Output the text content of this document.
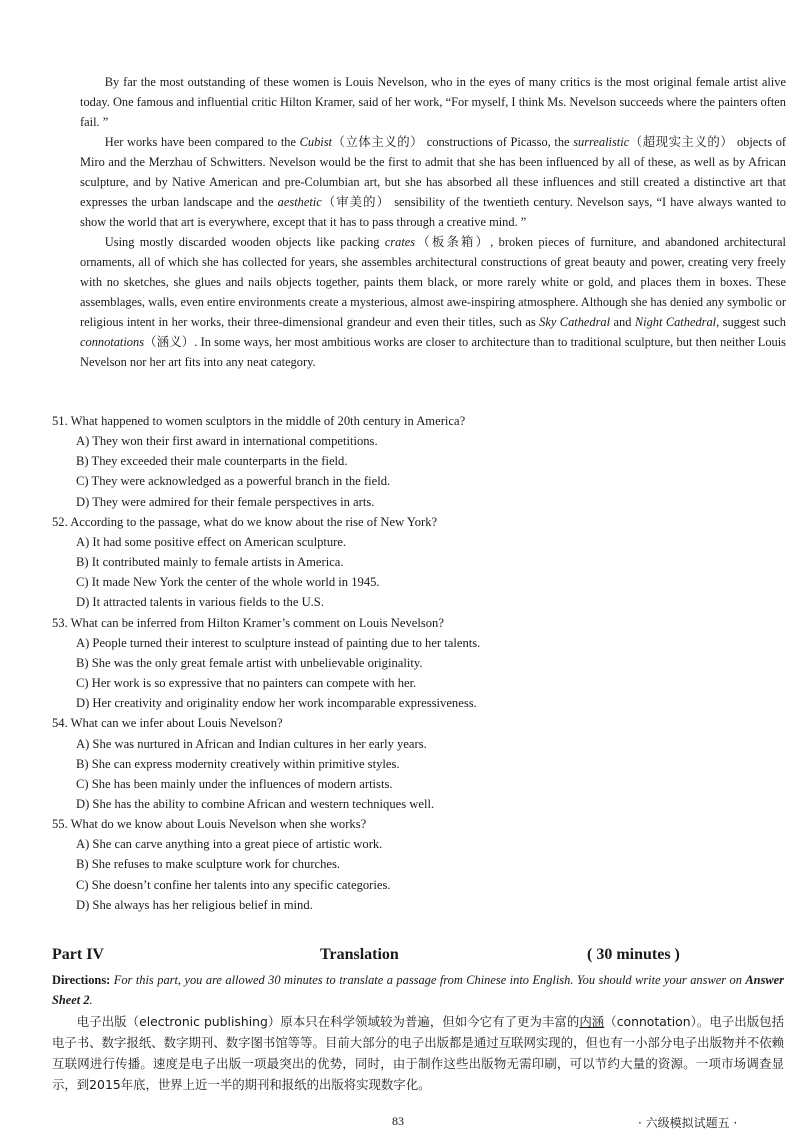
By far the most outstanding of these women is Louis Nevelson, who in the eyes of many critics is the most original female artist alive today. One famous and influential critic Hilton Kramer, said of her work, “For myself, I think Ms. Nevelson succeeds where the painters often fail. ”

Her works have been compared to the Cubist（立体主义的） constructions of Picasso, the surrealistic（超现实主义的） objects of Miro and the Merzhau of Schwitters. Nevelson would be the first to admit that she has been influenced by all of these, as well as by African sculpture, and by Native American and pre-Columbian art, but she has absorbed all these influences and still created a distinctive art that expresses the urban landscape and the aesthetic（审美的） sensibility of the twentieth century. Nevelson says, “I have always wanted to show the world that art is everywhere, except that it has to pass through a creative mind. ”

Using mostly discarded wooden objects like packing crates（板条箱）, broken pieces of furniture, and abandoned architectural ornaments, all of which she has collected for years, she assembles architectural constructions of great beauty and power, creating very freely with no sketches, she glues and nails objects together, paints them black, or more rarely white or gold, and places them in boxes. These assemblages, walls, even entire environments create a mysterious, almost awe-inspiring atmosphere. Although she has denied any symbolic or religious intent in her works, their three-dimensional grandeur and even their titles, such as Sky Cathedral and Night Cathedral, suggest such connotations（涵义）. In some ways, her most ambitious works are closer to architecture than to traditional sculpture, but then neither Louis Nevelson nor her art fits into any neat category.

51. What happened to women sculptors in the middle of 20th century in America?

A) They won their first award in international competitions.

B) They exceeded their male counterparts in the field.

C) They were acknowledged as a powerful branch in the field.

D) They were admired for their female perspectives in arts.

52. According to the passage, what do we know about the rise of New York?

A) It had some positive effect on American sculpture.

B) It contributed mainly to female artists in America.

C) It made New York the center of the whole world in 1945.

D) It attracted talents in various fields to the U.S.

53. What can be inferred from Hilton Kramer’s comment on Louis Nevelson?

A) People turned their interest to sculpture instead of painting due to her talents.

B) She was the only great female artist with unbelievable originality.

C) Her work is so expressive that no painters can compete with her.

D) Her creativity and originality endow her work incomparable expressiveness.

54. What can we infer about Louis Nevelson?

A) She was nurtured in African and Indian cultures in her early years.

B) She can express modernity creatively within primitive styles.

C) She has been mainly under the influences of modern artists.

D) She has the ability to combine African and western techniques well.

55. What do we know about Louis Nevelson when she works?

A) She can carve anything into a great piece of artistic work.

B) She refuses to make sculpture work for churches.

C) She doesn’t confine her talents into any specific categories.

D) She always has her religious belief in mind.

Part IV	Translation	( 30 minutes )

Directions: For this part, you are allowed 30 minutes to translate a passage from Chinese into English. You should write your answer on Answer Sheet 2.

电子出版（electronic publishing）原本只在科学领域较为普遍，但如今它有了更为丰富的内涵（connotation）。电子出版包括电子书、数字报纸、数字期刊、数字图书馆等等。目前大部分的电子出版都是通过互联网实现的，但也有一小部分电子出版物并不依赖互联网进行传播。速度是电子出版一项最突出的优势，同时，由于制作这些出版物无需印刷，可以节约大量的资源。一项市场调查显示，到2015年底，世界上近一半的期刊和报纸的出版将实现数字化。

83	· 六级模拟试题五 ·
